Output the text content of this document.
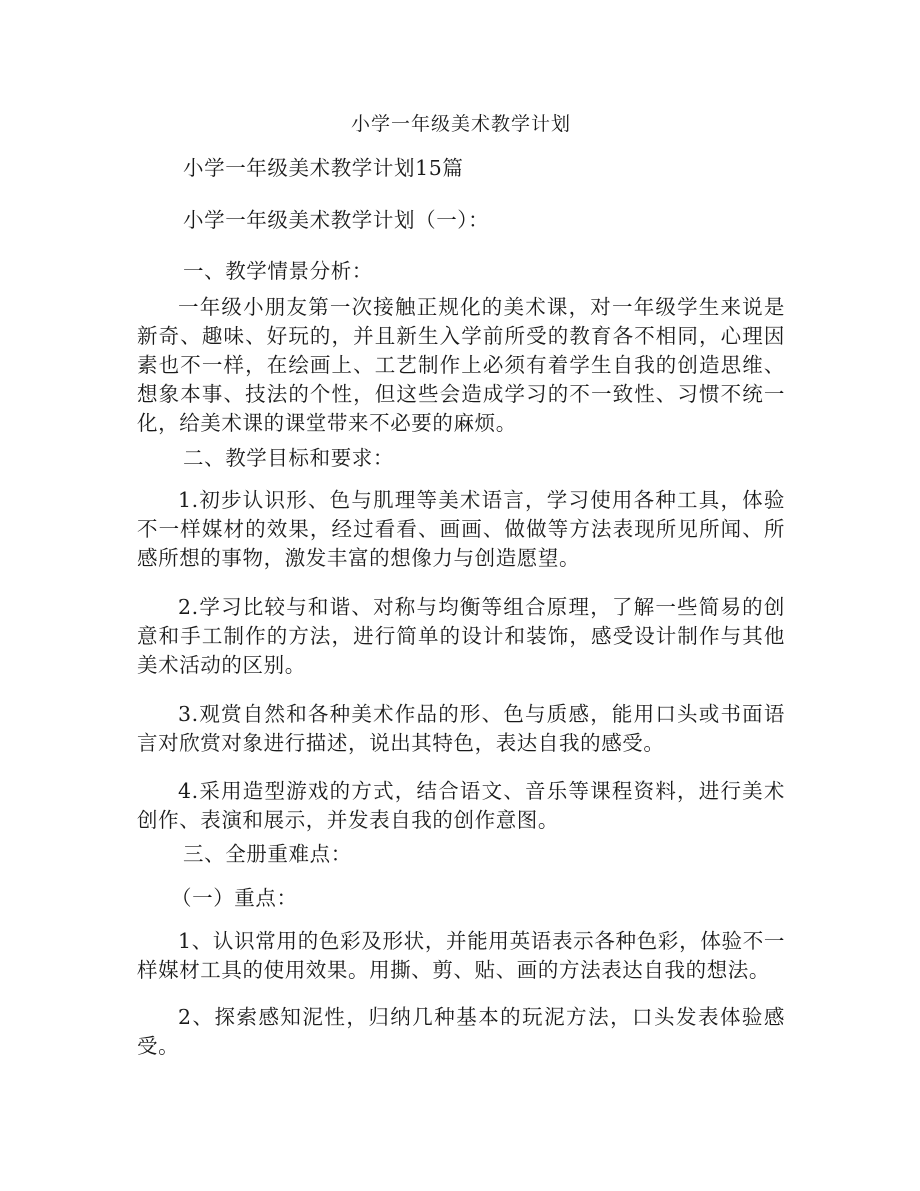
小学一年级美术教学计划

小学一年级美术教学计划15篇

小学一年级美术教学计划（一）：

一、教学情景分析：

一年级小朋友第一次接触正规化的美术课，对一年级学生来说是新奇、趣味、好玩的，并且新生入学前所受的教育各不相同，心理因素也不一样，在绘画上、工艺制作上必须有着学生自我的创造思维、想象本事、技法的个性，但这些会造成学习的不一致性、习惯不统一化，给美术课的课堂带来不必要的麻烦。

二、教学目标和要求：

1.初步认识形、色与肌理等美术语言，学习使用各种工具，体验不一样媒材的效果，经过看看、画画、做做等方法表现所见所闻、所感所想的事物，激发丰富的想像力与创造愿望。

2.学习比较与和谐、对称与均衡等组合原理，了解一些简易的创意和手工制作的方法，进行简单的设计和装饰，感受设计制作与其他美术活动的区别。

3.观赏自然和各种美术作品的形、色与质感，能用口头或书面语言对欣赏对象进行描述，说出其特色，表达自我的感受。

4.采用造型游戏的方式，结合语文、音乐等课程资料，进行美术创作、表演和展示，并发表自我的创作意图。

三、全册重难点：

（一）重点：

1、认识常用的色彩及形状，并能用英语表示各种色彩，体验不一样媒材工具的使用效果。用撕、剪、贴、画的方法表达自我的想法。

2、探索感知泥性，归纳几种基本的玩泥方法，口头发表体验感受。
